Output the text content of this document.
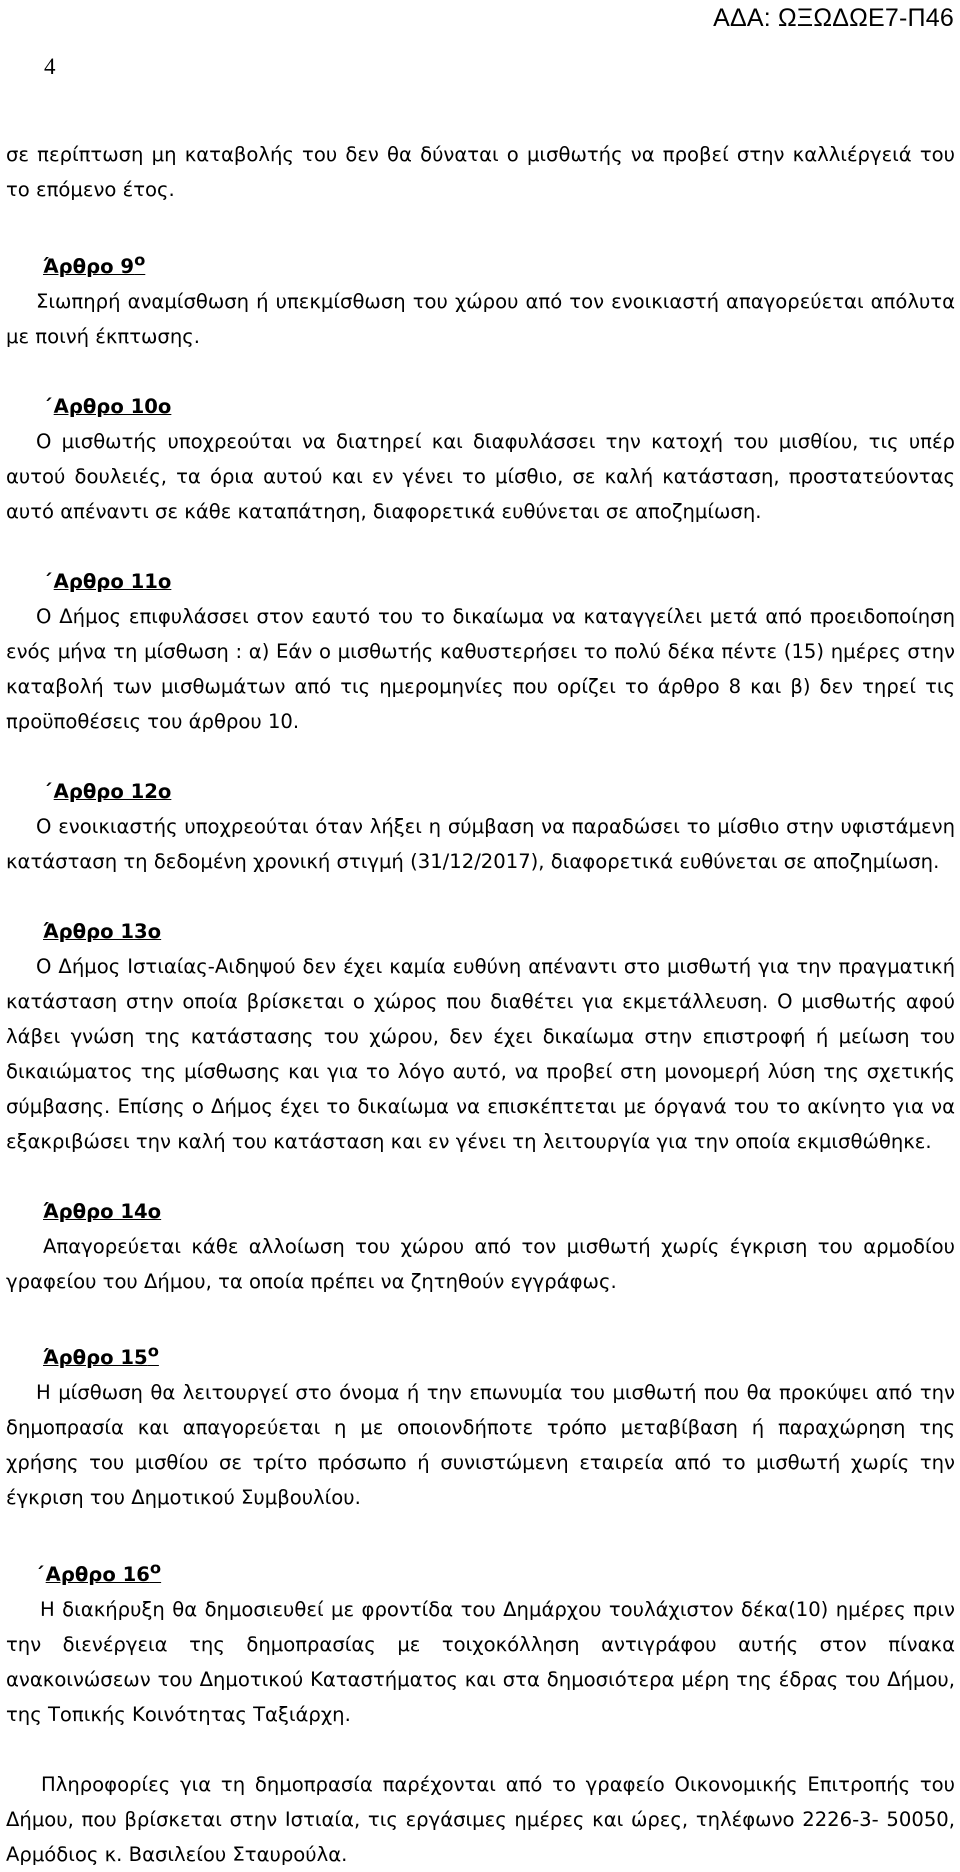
ΑΔΑ: ΩΞΩΔΩΕ7-Π46
4

σε περίπτωση μη καταβολής του δεν θα δύναται ο μισθωτής να προβεί στην καλλιέργειά του το επόμενο έτος.

Άρθρο $9^o$

Σιωπηρή αναμίσθωση ή υπεκμίσθωση του χώρου από τον ενοικιαστή απαγορεύεται απόλυτα με ποινή έκπτωσης.

΄ Αρθρο 10ο

Ο μισθωτής υποχρεούται να διατηρεί και διαφυλάσσει την κατοχή του μισθίου, τις υπέρ αυτού δουλειές, τα όρια αυτού και εν γένει το μίσθιο, σε καλή κατάσταση, προστατεύοντας αυτό απέναντι σε κάθε καταπάτηση, διαφορετικά ευθύνεται σε αποζημίωση.

΄ Αρθρο 11ο

Ο Δήμος επιφυλάσσει στον εαυτό του το δικαίωμα να καταγγείλει μετά από προειδοποίηση ενός μήνα τη μίσθωση : α) Εάν ο μισθωτής καθυστερήσει το πολύ δέκα πέντε (15) ημέρες στην καταβολή των μισθωμάτων από τις ημερομηνίες που ορίζει το άρθρο 8 και β) δεν τηρεί τις προϋποθέσεις του άρθρου 10.

΄ Αρθρο 12ο

Ο ενοικιαστής υποχρεούται όταν λήξει η σύμβαση να παραδώσει το μίσθιο στην υφιστάμενη κατάσταση τη δεδομένη χρονική στιγμή (31/12/2017), διαφορετικά ευθύνεται σε αποζημίωση.

Άρθρο 13ο

Ο Δήμος Ιστιαίας-Αιδηψού δεν έχει καμία ευθύνη απέναντι στο μισθωτή για την πραγματική κατάσταση στην οποία βρίσκεται ο χώρος που διαθέτει για εκμετάλλευση. Ο μισθωτής αφού λάβει γνώση της κατάστασης του χώρου, δεν έχει δικαίωμα στην επιστροφή ή μείωση του δικαιώματος της μίσθωσης και για το λόγο αυτό, να προβεί στη μονομερή λύση της σχετικής σύμβασης. Επίσης ο Δήμος έχει το δικαίωμα να επισκέπτεται με όργανά του το ακίνητο για να εξακριβώσει την καλή του κατάσταση και εν γένει τη λειτουργία για την οποία εκμισθώθηκε.

Άρθρο 14ο

Απαγορεύεται κάθε αλλοίωση του χώρου από τον μισθωτή χωρίς έγκριση του αρμοδίου γραφείου του Δήμου, τα οποία πρέπει να ζητηθούν εγγράφως.

Άρθρο $15^o$

Η μίσθωση θα λειτουργεί στο όνομα ή την επωνυμία του μισθωτή που θα προκύψει από την δημοπρασία και απαγορεύεται η με οποιονδήποτε τρόπο μεταβίβαση ή παραχώρηση της χρήσης του μισθίου σε τρίτο πρόσωπο ή συνιστώμενη εταιρεία από το μισθωτή χωρίς την έγκριση του Δημοτικού Συμβουλίου.

΄ Αρθρο $16^o$

Η διακήρυξη θα δημοσιευθεί με φροντίδα του Δημάρχου τουλάχιστον δέκα(10) ημέρες πριν την διενέργεια της δημοπρασίας με τοιχοκόλληση αντιγράφου αυτής στον πίνακα ανακοινώσεων του Δημοτικού Καταστήματος και στα δημοσιότερα μέρη της έδρας του Δήμου, της Τοπικής Κοινότητας Ταξιάρχη.

Πληροφορίες για τη δημοπρασία παρέχονται από το γραφείο Οικονομικής Επιτροπής του Δήμου, που βρίσκεται στην Ιστιαία, τις εργάσιμες ημέρες και ώρες, τηλέφωνο 2226-3- 50050, Αρμόδιος κ. Βασιλείου Σταυρούλα.
